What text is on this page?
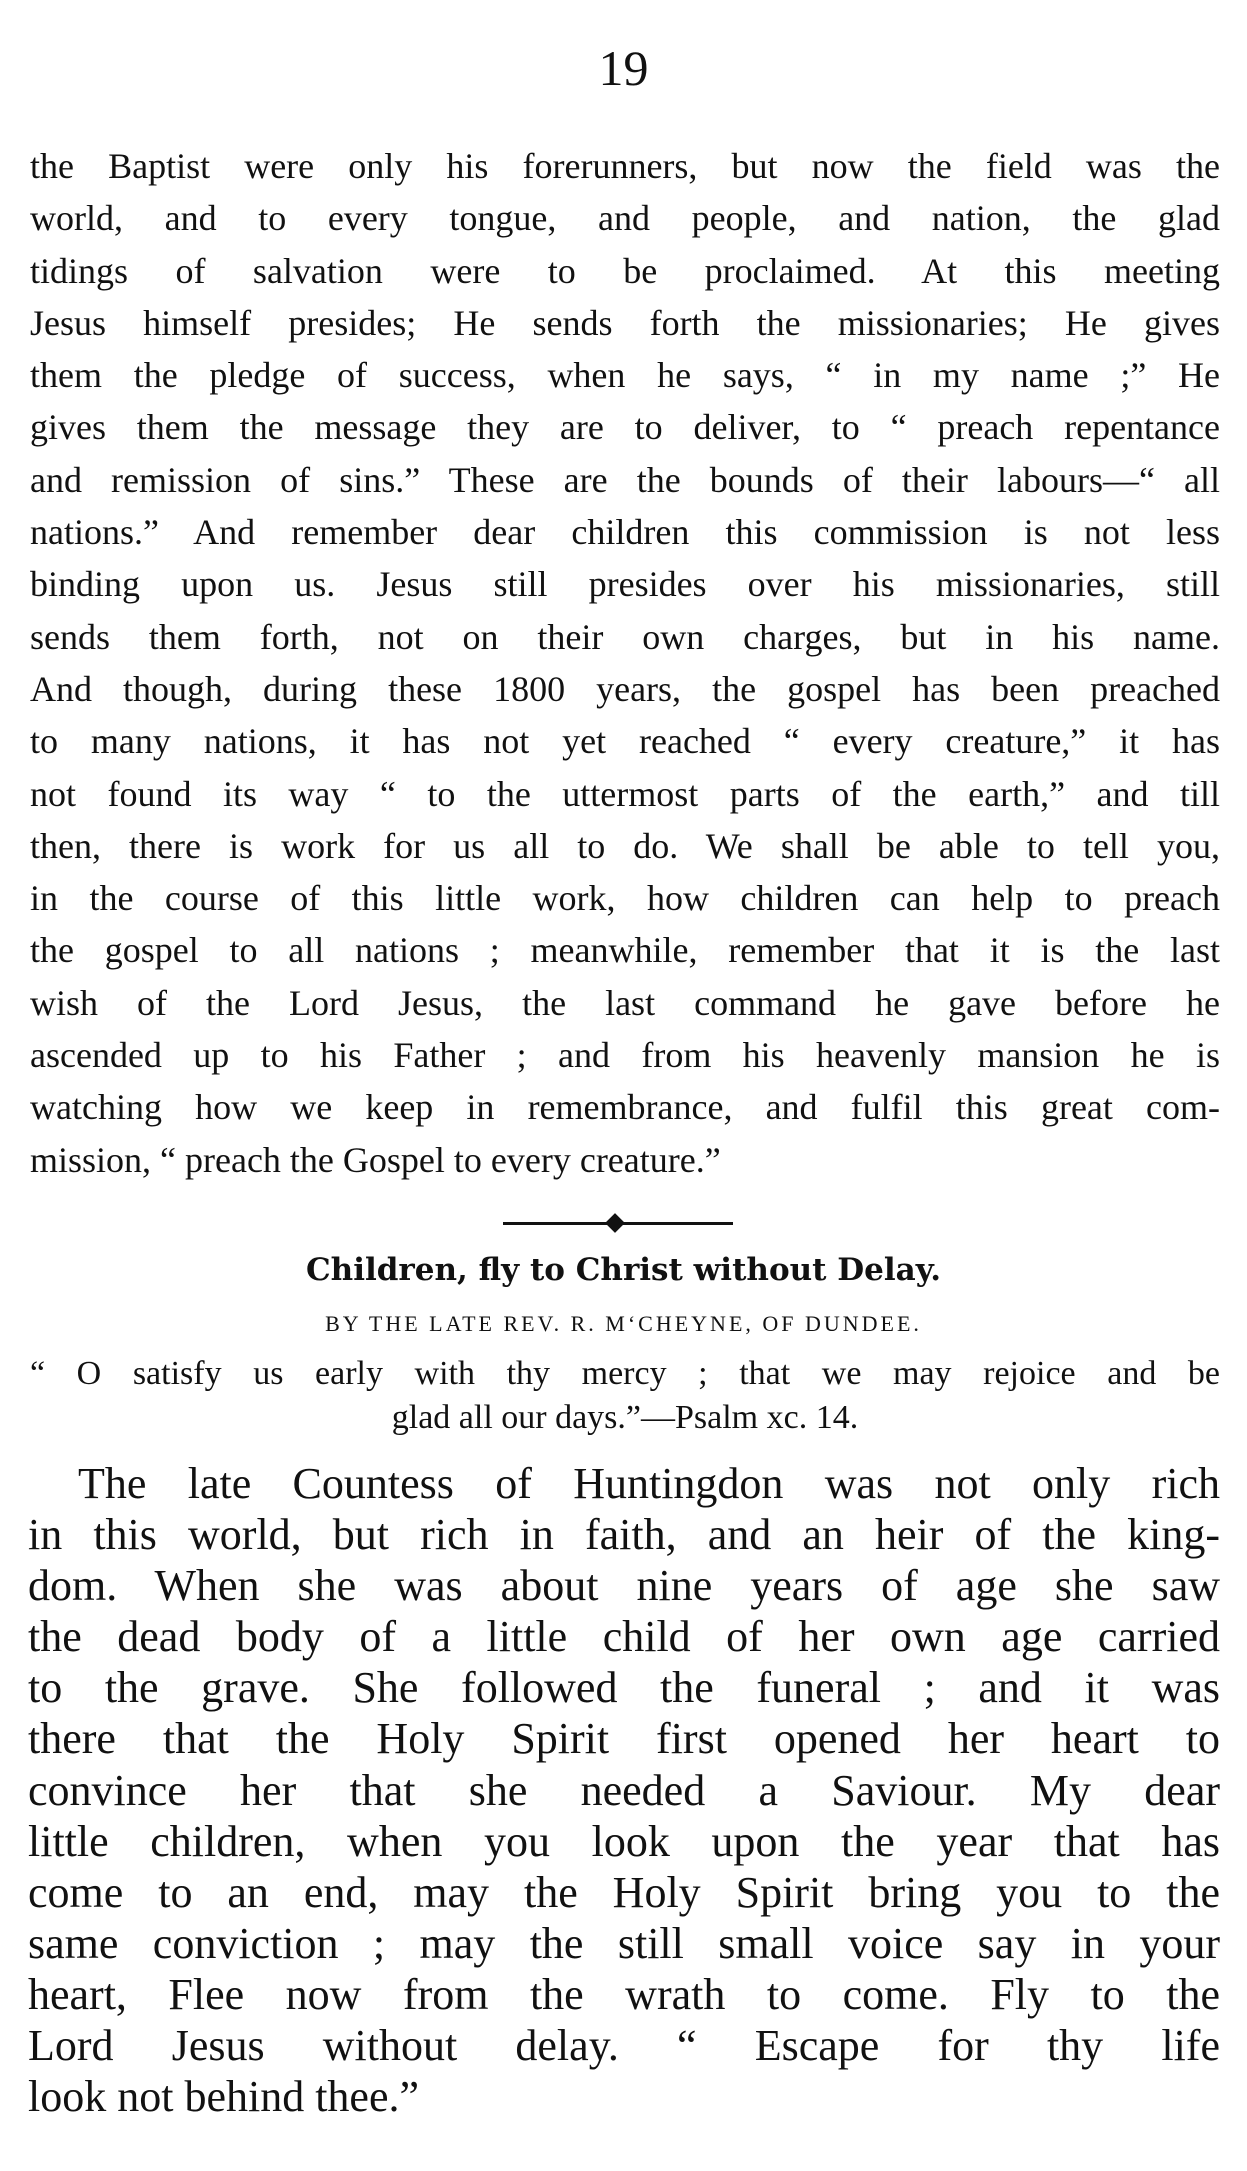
19

the Baptist were only his forerunners, but now the field was the
world, and to every tongue, and people, and nation, the glad
tidings of salvation were to be proclaimed. At this meeting
Jesus himself presides; He sends forth the missionaries; He gives
them the pledge of success, when he says, “ in my name ;” He
gives them the message they are to deliver, to “ preach repentance
and remission of sins.” These are the bounds of their labours—“ all
nations.” And remember dear children this commission is not less
binding upon us. Jesus still presides over his missionaries, still
sends them forth, not on their own charges, but in his name.
And though, during these 1800 years, the gospel has been preached
to many nations, it has not yet reached “ every creature,” it has
not found its way “ to the uttermost parts of the earth,” and till
then, there is work for us all to do. We shall be able to tell you,
in the course of this little work, how children can help to preach
the gospel to all nations ; meanwhile, remember that it is the last
wish of the Lord Jesus, the last command he gave before he
ascended up to his Father ; and from his heavenly mansion he is
watching how we keep in remembrance, and fulfil this great com-
mission, “ preach the Gospel to every creature.”
Children, fly to Christ without Delay.

BY THE LATE REV. R. M‘CHEYNE, OF DUNDEE.

“ O satisfy us early with thy mercy ; that we may rejoice and be
glad all our days.”—Psalm xc. 14.
The late Countess of Huntingdon was not only rich
in this world, but rich in faith, and an heir of the king-
dom. When she was about nine years of age she saw
the dead body of a little child of her own age carried
to the grave. She followed the funeral ; and it was
there that the Holy Spirit first opened her heart to
convince her that she needed a Saviour. My dear
little children, when you look upon the year that has
come to an end, may the Holy Spirit bring you to the
same conviction ; may the still small voice say in your
heart, Flee now from the wrath to come. Fly to the
Lord Jesus without delay. “ Escape for thy life
look not behind thee.”
